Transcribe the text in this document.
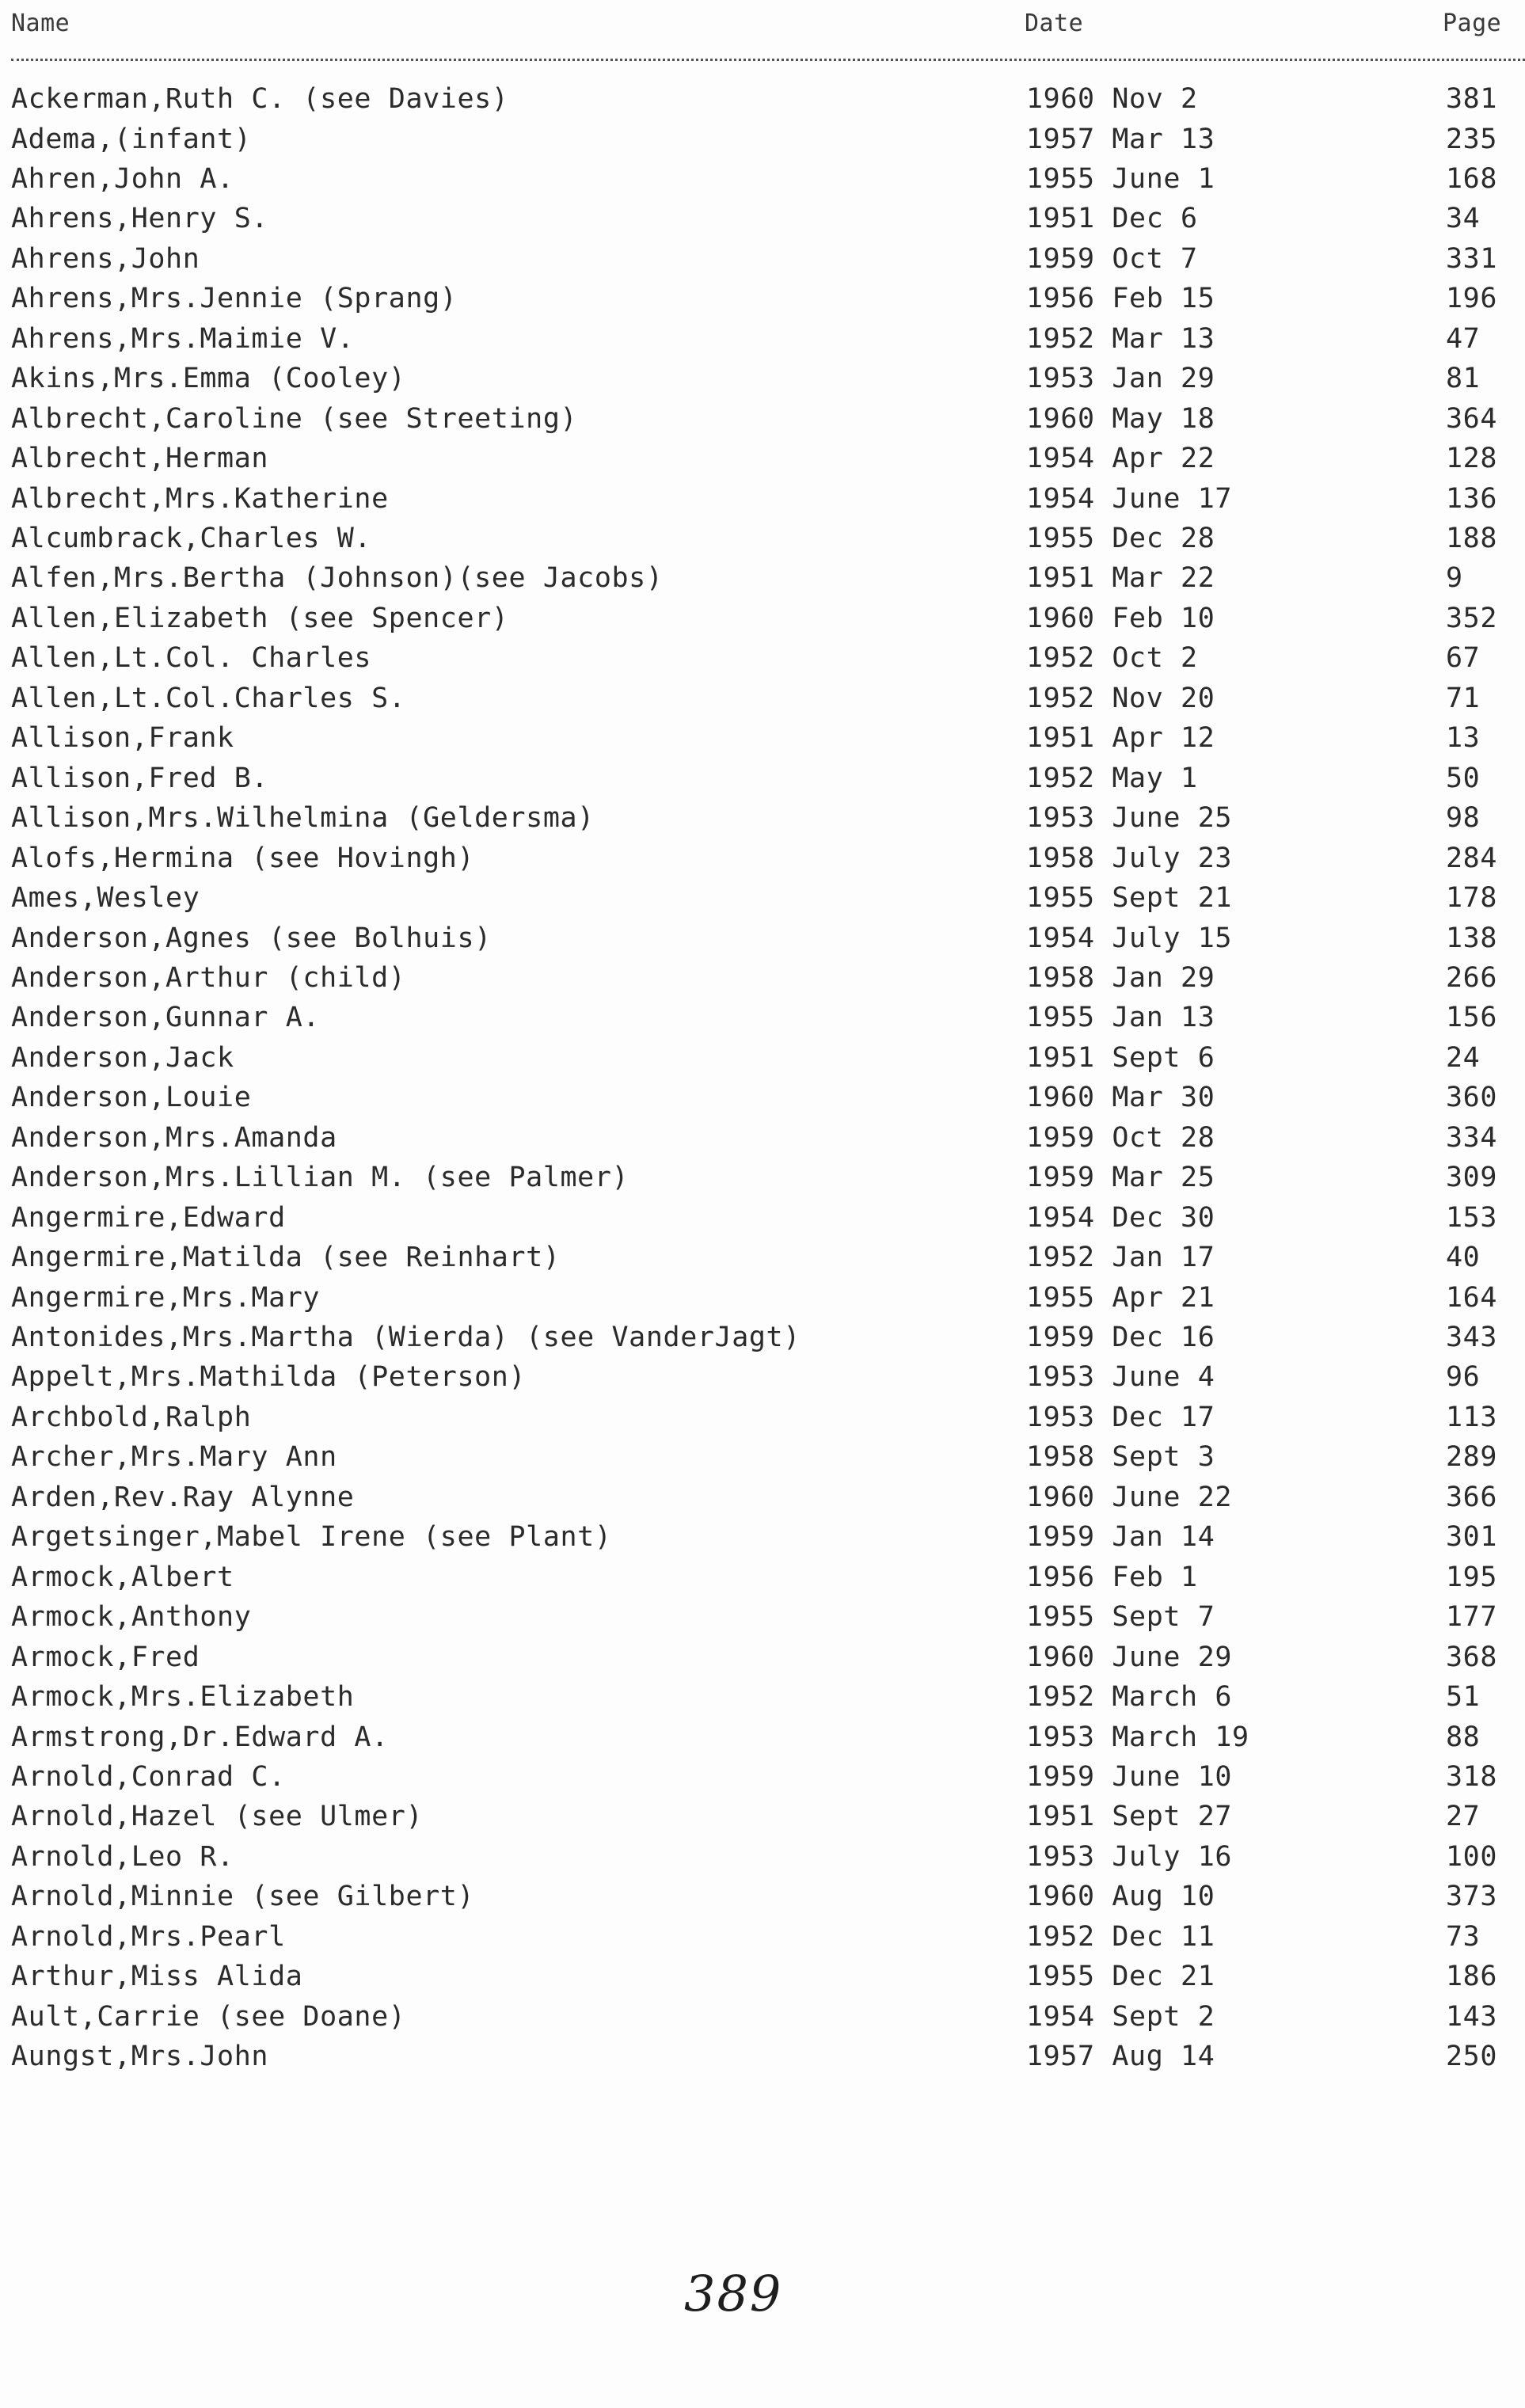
Name	Date	Page
Ackerman,Ruth C. (see Davies)	1960 Nov 2	381
Adema,(infant)	1957 Mar 13	235
Ahren,John A.	1955 June 1	168
Ahrens,Henry S.	1951 Dec 6	34
Ahrens,John	1959 Oct 7	331
Ahrens,Mrs.Jennie (Sprang)	1956 Feb 15	196
Ahrens,Mrs.Maimie V.	1952 Mar 13	47
Akins,Mrs.Emma (Cooley)	1953 Jan 29	81
Albrecht,Caroline (see Streeting)	1960 May 18	364
Albrecht,Herman	1954 Apr 22	128
Albrecht,Mrs.Katherine	1954 June 17	136
Alcumbrack,Charles W.	1955 Dec 28	188
Alfen,Mrs.Bertha (Johnson)(see Jacobs)	1951 Mar 22	9
Allen,Elizabeth (see Spencer)	1960 Feb 10	352
Allen,Lt.Col. Charles	1952 Oct 2	67
Allen,Lt.Col.Charles S.	1952 Nov 20	71
Allison,Frank	1951 Apr 12	13
Allison,Fred B.	1952 May 1	50
Allison,Mrs.Wilhelmina (Geldersma)	1953 June 25	98
Alofs,Hermina (see Hovingh)	1958 July 23	284
Ames,Wesley	1955 Sept 21	178
Anderson,Agnes (see Bolhuis)	1954 July 15	138
Anderson,Arthur (child)	1958 Jan 29	266
Anderson,Gunnar A.	1955 Jan 13	156
Anderson,Jack	1951 Sept 6	24
Anderson,Louie	1960 Mar 30	360
Anderson,Mrs.Amanda	1959 Oct 28	334
Anderson,Mrs.Lillian M. (see Palmer)	1959 Mar 25	309
Angermire,Edward	1954 Dec 30	153
Angermire,Matilda (see Reinhart)	1952 Jan 17	40
Angermire,Mrs.Mary	1955 Apr 21	164
Antonides,Mrs.Martha (Wierda) (see VanderJagt)	1959 Dec 16	343
Appelt,Mrs.Mathilda (Peterson)	1953 June 4	96
Archbold,Ralph	1953 Dec 17	113
Archer,Mrs.Mary Ann	1958 Sept 3	289
Arden,Rev.Ray Alynne	1960 June 22	366
Argetsinger,Mabel Irene (see Plant)	1959 Jan 14	301
Armock,Albert	1956 Feb 1	195
Armock,Anthony	1955 Sept 7	177
Armock,Fred	1960 June 29	368
Armock,Mrs.Elizabeth	1952 March 6	51
Armstrong,Dr.Edward A.	1953 March 19	88
Arnold,Conrad C.	1959 June 10	318
Arnold,Hazel (see Ulmer)	1951 Sept 27	27
Arnold,Leo R.	1953 July 16	100
Arnold,Minnie (see Gilbert)	1960 Aug 10	373
Arnold,Mrs.Pearl	1952 Dec 11	73
Arthur,Miss Alida	1955 Dec 21	186
Ault,Carrie (see Doane)	1954 Sept 2	143
Aungst,Mrs.John	1957 Aug 14	250
389
